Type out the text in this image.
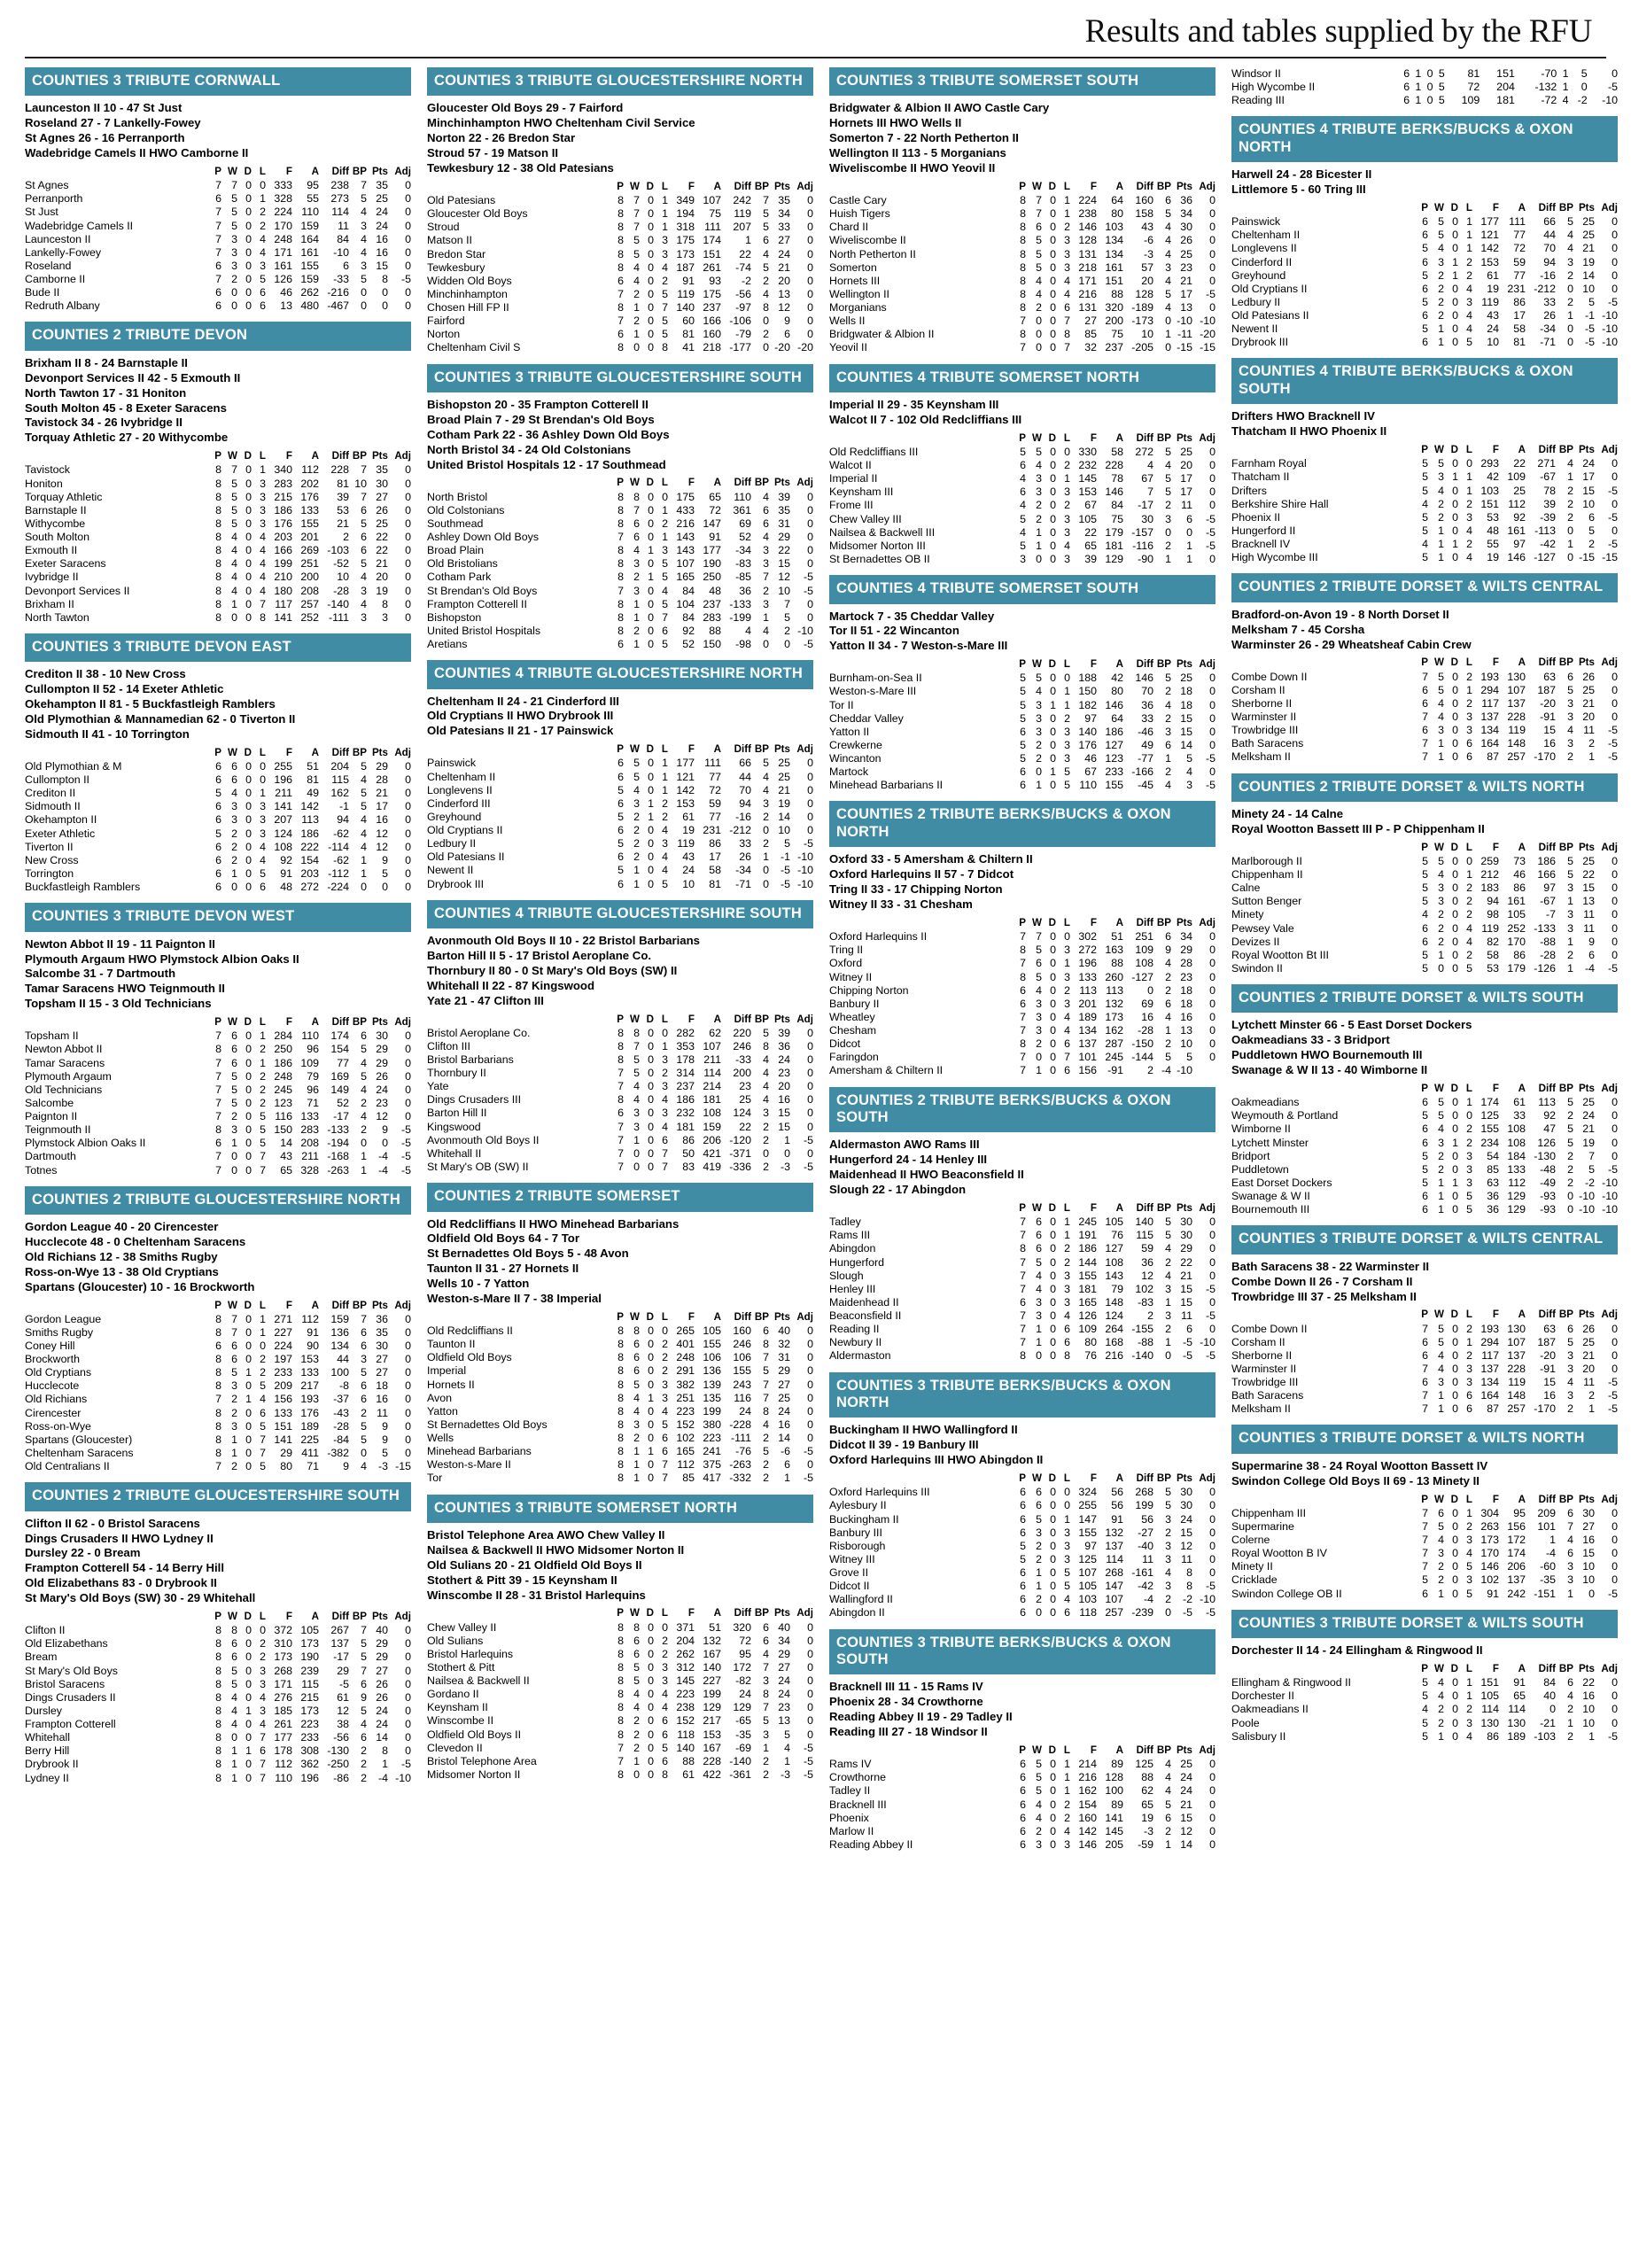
Results and tables supplied by the RFU
COUNTIES 3 TRIBUTE CORNWALL
Launceston II 10 - 47 St Just
Roseland 27 - 7 Lankelly-Fowey
St Agnes 26 - 16 Perranporth
Wadebridge Camels II HWO Camborne II
	P	W	D	L	F	A	Diff	BP	Pts	Adj
St Agnes	7	7	0	0	333	95	238	7	35	0
Perranporth	6	5	0	1	328	55	273	5	25	0
St Just	7	5	0	2	224	110	114	4	24	0
Wadebridge Camels II	7	5	0	2	170	159	11	3	24	0
Launceston II	7	3	0	4	248	164	84	4	16	0
Lankelly-Fowey	7	3	0	4	171	161	-10	4	16	0
Roseland	6	3	0	3	161	155	6	3	15	0
Camborne II	7	2	0	5	126	159	-33	5	8	-5
Bude II	6	0	0	6	46	262	-216	0	0	0
Redruth Albany	6	0	0	6	13	480	-467	0	0	0
COUNTIES 2 TRIBUTE DEVON
Brixham II 8 - 24 Barnstaple II
Devonport Services II 42 - 5 Exmouth II
North Tawton 17 - 31 Honiton
South Molton 45 - 8 Exeter Saracens
Tavistock 34 - 26 Ivybridge II
Torquay Athletic 27 - 20 Withycombe
	P	W	D	L	F	A	Diff	BP	Pts	Adj
Tavistock	8	7	0	1	340	112	228	7	35	0
Honiton	8	5	0	3	283	202	81	10	30	0
Torquay Athletic	8	5	0	3	215	176	39	7	27	0
Barnstaple II	8	5	0	3	186	133	53	6	26	0
Withycombe	8	5	0	3	176	155	21	5	25	0
South Molton	8	4	0	4	203	201	2	6	22	0
Exmouth II	8	4	0	4	166	269	-103	6	22	0
Exeter Saracens	8	4	0	4	199	251	-52	5	21	0
Ivybridge II	8	4	0	4	210	200	10	4	20	0
Devonport Services II	8	4	0	4	180	208	-28	3	19	0
Brixham II	8	1	0	7	117	257	-140	4	8	0
North Tawton	8	0	0	8	141	252	-111	3	3	0
COUNTIES 3 TRIBUTE DEVON EAST
Crediton II 38 - 10 New Cross
Cullompton II 52 - 14 Exeter Athletic
Okehampton II 81 - 5 Buckfastleigh Ramblers
Old Plymothian & Mannamedian 62 - 0 Tiverton II
Sidmouth II 41 - 10 Torrington
	P	W	D	L	F	A	Diff	BP	Pts	Adj
Old Plymothian & M	6	6	0	0	255	51	204	5	29	0
Cullompton II	6	6	0	0	196	81	115	4	28	0
Crediton II	5	4	0	1	211	49	162	5	21	0
Sidmouth II	6	3	0	3	141	142	-1	5	17	0
Okehampton II	6	3	0	3	207	113	94	4	16	0
Exeter Athletic	5	2	0	3	124	186	-62	4	12	0
Tiverton II	6	2	0	4	108	222	-114	4	12	0
New Cross	6	2	0	4	92	154	-62	1	9	0
Torrington	6	1	0	5	91	203	-112	1	5	0
Buckfastleigh Ramblers	6	0	0	6	48	272	-224	0	0	0
COUNTIES 3 TRIBUTE DEVON WEST
Newton Abbot II 19 - 11 Paignton II
Plymouth Argaum HWO Plymstock Albion Oaks II
Salcombe 31 - 7 Dartmouth
Tamar Saracens HWO Teignmouth II
Topsham II 15 - 3 Old Technicians
	P	W	D	L	F	A	Diff	BP	Pts	Adj
Topsham II	7	6	0	1	284	110	174	6	30	0
Newton Abbot II	8	6	0	2	250	96	154	5	29	0
Tamar Saracens	7	6	0	1	186	109	77	4	29	0
Plymouth Argaum	7	5	0	2	248	79	169	5	26	0
Old Technicians	7	5	0	2	245	96	149	4	24	0
Salcombe	7	5	0	2	123	71	52	2	23	0
Paignton II	7	2	0	5	116	133	-17	4	12	0
Teignmouth II	8	3	0	5	150	283	-133	2	9	-5
Plymstock Albion Oaks II	6	1	0	5	14	208	-194	0	0	-5
Dartmouth	7	0	0	7	43	211	-168	1	-4	-5
Totnes	7	0	0	7	65	328	-263	1	-4	-5
COUNTIES 2 TRIBUTE GLOUCESTERSHIRE NORTH
Gordon League 40 - 20 Cirencester
Hucclecote 48 - 0 Cheltenham Saracens
Old Richians 12 - 38 Smiths Rugby
Ross-on-Wye 13 - 38 Old Cryptians
Spartans (Gloucester) 10 - 16 Brockworth
	P	W	D	L	F	A	Diff	BP	Pts	Adj
Gordon League	8	7	0	1	271	112	159	7	36	0
Smiths Rugby	8	7	0	1	227	91	136	6	35	0
Coney Hill	6	6	0	0	224	90	134	6	30	0
Brockworth	8	6	0	2	197	153	44	3	27	0
Old Cryptians	8	5	1	2	233	133	100	5	27	0
Hucclecote	8	3	0	5	209	217	-8	6	18	0
Old Richians	7	2	1	4	156	193	-37	6	16	0
Cirencester	8	2	0	6	133	176	-43	2	11	0
Ross-on-Wye	8	3	0	5	151	189	-28	5	9	0
Spartans (Gloucester)	8	1	0	7	141	225	-84	5	9	0
Cheltenham Saracens	8	1	0	7	29	411	-382	0	5	0
Old Centralians II	7	2	0	5	80	71	9	4	-3	-15
COUNTIES 2 TRIBUTE GLOUCESTERSHIRE SOUTH
Clifton II 62 - 0 Bristol Saracens
Dings Crusaders II HWO Lydney II
Dursley 22 - 0 Bream
Frampton Cotterell 54 - 14 Berry Hill
Old Elizabethans 83 - 0 Drybrook II
St Mary's Old Boys (SW) 30 - 29 Whitehall
	P	W	D	L	F	A	Diff	BP	Pts	Adj
Clifton II	8	8	0	0	372	105	267	7	40	0
Old Elizabethans	8	6	0	2	310	173	137	5	29	0
Bream	8	6	0	2	173	190	-17	5	29	0
St Mary's Old Boys	8	5	0	3	268	239	29	7	27	0
Bristol Saracens	8	5	0	3	171	115	-5	6	26	0
Dings Crusaders II	8	4	0	4	276	215	61	9	26	0
Dursley	8	4	1	3	185	173	12	5	24	0
Frampton Cotterell	8	4	0	4	261	223	38	4	24	0
Whitehall	8	0	0	7	177	233	-56	6	14	0
Berry Hill	8	1	1	6	178	308	-130	2	8	0
Drybrook II	8	1	0	7	112	362	-250	2	1	-5
Lydney II	8	1	0	7	110	196	-86	2	-4	-10
COUNTIES 3 TRIBUTE GLOUCESTERSHIRE NORTH
Gloucester Old Boys 29 - 7 Fairford
Minchinhampton HWO Cheltenham Civil Service
Norton 22 - 26 Bredon Star
Stroud 57 - 19 Matson II
Tewkesbury 12 - 38 Old Patesians
	P	W	D	L	F	A	Diff	BP	Pts	Adj
Old Patesians	8	7	0	1	349	107	242	7	35	0
Gloucester Old Boys	8	7	0	1	194	75	119	5	34	0
Stroud	8	7	0	1	318	111	207	5	33	0
Matson II	8	5	0	3	175	174	1	6	27	0
Bredon Star	8	5	0	3	173	151	22	4	24	0
Tewkesbury	8	4	0	4	187	261	-74	5	21	0
Widden Old Boys	6	4	0	2	91	93	-2	2	20	0
Minchinhampton	7	2	0	5	119	175	-56	4	13	0
Chosen Hill FP II	8	1	0	7	140	237	-97	8	12	0
Fairford	7	2	0	5	60	166	-106	0	9	0
Norton	6	1	0	5	81	160	-79	2	6	0
Cheltenham Civil S	8	0	0	8	41	218	-177	0	-20	-20
COUNTIES 3 TRIBUTE GLOUCESTERSHIRE SOUTH
Bishopston 20 - 35 Frampton Cotterell II
Broad Plain 7 - 29 St Brendan's Old Boys
Cotham Park 22 - 36 Ashley Down Old Boys
North Bristol 34 - 24 Old Colstonians
United Bristol Hospitals 12 - 17 Southmead
	P	W	D	L	F	A	Diff	BP	Pts	Adj
North Bristol	8	8	0	0	175	65	110	4	39	0
Old Colstonians	8	7	0	1	433	72	361	6	35	0
Southmead	8	6	0	2	216	147	69	6	31	0
Ashley Down Old Boys	7	6	0	1	143	91	52	4	29	0
Broad Plain	8	4	1	3	143	177	-34	3	22	0
Old Bristolians	8	3	0	5	107	190	-83	3	15	0
Cotham Park	8	2	1	5	165	250	-85	7	12	-5
St Brendan's Old Boys	7	3	0	4	84	48	36	2	10	-5
Frampton Cotterell II	8	1	0	5	104	237	-133	3	7	0
Bishopston	8	1	0	7	84	283	-199	1	5	0
United Bristol Hospitals	8	2	0	6	92	88	4	4	2	-10
Aretians	6	1	0	5	52	150	-98	0	0	-5
COUNTIES 4 TRIBUTE GLOUCESTERSHIRE NORTH
Cheltenham II 24 - 21 Cinderford III
Old Cryptians II HWO Drybrook III
Old Patesians II 21 - 17 Painswick
	P	W	D	L	F	A	Diff	BP	Pts	Adj
Painswick	6	5	0	1	177	111	66	5	25	0
Cheltenham II	6	5	0	1	121	77	44	4	25	0
Longlevens II	5	4	0	1	142	72	70	4	21	0
Cinderford III	6	3	1	2	153	59	94	3	19	0
Greyhound	5	2	1	2	61	77	-16	2	14	0
Old Cryptians II	6	2	0	4	19	231	-212	0	10	0
Ledbury II	5	2	0	3	119	86	33	2	5	-5
Old Patesians II	6	2	0	4	43	17	26	1	-1	-10
Newent II	5	1	0	4	24	58	-34	0	-5	-10
Drybrook III	6	1	0	5	10	81	-71	0	-5	-10
COUNTIES 4 TRIBUTE GLOUCESTERSHIRE SOUTH
Avonmouth Old Boys II 10 - 22 Bristol Barbarians
Barton Hill II 5 - 17 Bristol Aeroplane Co.
Thornbury II 80 - 0 St Mary's Old Boys (SW) II
Whitehall II 22 - 87 Kingswood
Yate 21 - 47 Clifton III
	P	W	D	L	F	A	Diff	BP	Pts	Adj
Bristol Aeroplane Co.	8	8	0	0	282	62	220	5	39	0
Clifton III	8	7	0	1	353	107	246	8	36	0
Bristol Barbarians	8	5	0	3	178	211	-33	4	24	0
Thornbury II	7	5	0	2	314	114	200	4	23	0
Yate	7	4	0	3	237	214	23	4	20	0
Dings Crusaders III	8	4	0	4	186	181	25	4	16	0
Barton Hill II	6	3	0	3	232	108	124	3	15	0
Kingswood	7	3	0	4	181	159	22	2	15	0
Avonmouth Old Boys II	7	1	0	6	86	206	-120	2	1	-5
Whitehall II	7	0	0	7	50	421	-371	0	0	0
St Mary's OB (SW) II	7	0	0	7	83	419	-336	2	-3	-5
COUNTIES 2 TRIBUTE SOMERSET
Old Redcliffians II HWO Minehead Barbarians
Oldfield Old Boys 64 - 7 Tor
St Bernadettes Old Boys 5 - 48 Avon
Taunton II 31 - 27 Hornets II
Wells 10 - 7 Yatton
Weston-s-Mare II 7 - 38 Imperial
	P	W	D	L	F	A	Diff	BP	Pts	Adj
Old Redcliffians II	8	8	0	0	265	105	160	6	40	0
Taunton II	8	6	0	2	401	155	246	8	32	0
Oldfield Old Boys	8	6	0	2	248	106	106	7	31	0
Imperial	8	6	0	2	291	136	155	5	29	0
Hornets II	8	5	0	3	382	139	243	7	27	0
Avon	8	4	1	3	251	135	116	7	25	0
Yatton	8	4	0	4	223	199	24	8	24	0
St Bernadettes Old Boys	8	3	0	5	152	380	-228	4	16	0
Wells	8	2	0	6	102	223	-111	2	14	0
Minehead Barbarians	8	1	1	6	165	241	-76	5	-6	-5
Weston-s-Mare II	8	1	0	7	112	375	-263	2	6	0
Tor	8	1	0	7	85	417	-332	2	1	-5
COUNTIES 3 TRIBUTE SOMERSET NORTH
Bristol Telephone Area AWO Chew Valley II
Nailsea & Backwell II HWO Midsomer Norton II
Old Sulians 20 - 21 Oldfield Old Boys II
Stothert & Pitt 39 - 15 Keynsham II
Winscombe II 28 - 31 Bristol Harlequins
	P	W	D	L	F	A	Diff	BP	Pts	Adj
Chew Valley II	8	8	0	0	371	51	320	6	40	0
Old Sulians	8	6	0	2	204	132	72	6	34	0
Bristol Harlequins	8	6	0	2	262	167	95	4	29	0
Stothert & Pitt	8	5	0	3	312	140	172	7	27	0
Nailsea & Backwell II	8	5	0	3	145	227	-82	3	24	0
Gordano II	8	4	0	4	223	199	24	8	24	0
Keynsham II	8	4	0	4	238	129	129	7	23	0
Winscombe II	8	2	0	6	152	217	-65	5	13	0
Oldfield Old Boys II	8	2	0	6	118	153	-35	3	5	0
Clevedon II	7	2	0	5	140	167	-69	1	4	-5
Bristol Telephone Area	7	1	0	6	88	228	-140	2	1	-5
Midsomer Norton II	8	0	0	8	61	422	-361	2	-3	-5
COUNTIES 3 TRIBUTE SOMERSET SOUTH
Bridgwater & Albion II AWO Castle Cary
Hornets III HWO Wells II
Somerton 7 - 22 North Petherton II
Wellington II 113 - 5 Morganians
Wiveliscombe II HWO Yeovil II
	P	W	D	L	F	A	Diff	BP	Pts	Adj
Castle Cary	8	7	0	1	224	64	160	6	36	0
Huish Tigers	8	7	0	1	238	80	158	5	34	0
Chard II	8	6	0	2	146	103	43	4	30	0
Wiveliscombe II	8	5	0	3	128	134	-6	4	26	0
North Petherton II	8	5	0	3	131	134	-3	4	25	0
Somerton	8	5	0	3	218	161	57	3	23	0
Hornets III	8	4	0	4	171	151	20	4	21	0
Wellington II	8	4	0	4	216	88	128	5	17	-5
Morganians	8	2	0	6	131	320	-189	4	13	0
Wells II	7	0	0	7	27	200	-173	0	-10	-10
Bridgwater & Albion II	8	0	0	8	85	75	10	1	-11	-20
Yeovil II	7	0	0	7	32	237	-205	0	-15	-15
COUNTIES 4 TRIBUTE SOMERSET NORTH
Imperial II 29 - 35 Keynsham III
Walcot II 7 - 102 Old Redcliffians III
	P	W	D	L	F	A	Diff	BP	Pts	Adj
Old Redcliffians III	5	5	0	0	330	58	272	5	25	0
Walcot II	6	4	0	2	232	228	4	4	20	0
Imperial II	4	3	0	1	145	78	67	5	17	0
Keynsham III	6	3	0	3	153	146	7	5	17	0
Frome III	4	2	0	2	67	84	-17	2	11	0
Chew Valley III	5	2	0	3	105	75	30	3	6	-5
Nailsea & Backwell III	4	1	0	3	22	179	-157	0	0	-5
Midsomer Norton III	5	1	0	4	65	181	-116	2	1	-5
St Bernadettes OB II	3	0	0	3	39	129	-90	1	1	0
COUNTIES 4 TRIBUTE SOMERSET SOUTH
Martock 7 - 35 Cheddar Valley
Tor II 51 - 22 Wincanton
Yatton II 34 - 7 Weston-s-Mare III
	P	W	D	L	F	A	Diff	BP	Pts	Adj
Burnham-on-Sea II	5	5	0	0	188	42	146	5	25	0
Weston-s-Mare III	5	4	0	1	150	80	70	2	18	0
Tor II	5	3	1	1	182	146	36	4	18	0
Cheddar Valley	5	3	0	2	97	64	33	2	15	0
Yatton II	6	3	0	3	140	186	-46	3	15	0
Crewkerne	5	2	0	3	176	127	49	6	14	0
Wincanton	5	2	0	3	46	123	-77	1	5	-5
Martock	6	0	1	5	67	233	-166	2	4	0
Minehead Barbarians II	6	1	0	5	110	155	-45	4	3	-5
COUNTIES 2 TRIBUTE BERKS/BUCKS & OXON NORTH
Oxford 33 - 5 Amersham & Chiltern II
Oxford Harlequins II 57 - 7 Didcot
Tring II 33 - 17 Chipping Norton
Witney II 33 - 31 Chesham
	P	W	D	L	F	A	Diff	BP	Pts	Adj
Oxford Harlequins II	7	7	0	0	302	51	251	6	34	0
Tring II	8	5	0	3	272	163	109	9	29	0
Oxford	7	6	0	1	196	88	108	4	28	0
Witney II	8	5	0	3	133	260	-127	2	23	0
Chipping Norton	6	4	0	2	113	113	0	2	18	0
Banbury II	6	3	0	3	201	132	69	6	18	0
Wheatley	7	3	0	4	189	173	16	4	16	0
Chesham	7	3	0	4	134	162	-28	1	13	0
Didcot	8	2	0	6	137	287	-150	2	10	0
Faringdon	7	0	0	7	101	245	-144	5	5	0
Amersham & Chiltern II	7	1	0	6	156	-91	2	-4	-10	
COUNTIES 2 TRIBUTE BERKS/BUCKS & OXON SOUTH
Aldermaston AWO Rams III
Hungerford 24 - 14 Henley III
Maidenhead II HWO Beaconsfield II
Slough 22 - 17 Abingdon
	P	W	D	L	F	A	Diff	BP	Pts	Adj
Tadley	7	6	0	1	245	105	140	5	30	0
Rams III	7	6	0	1	191	76	115	5	30	0
Abingdon	8	6	0	2	186	127	59	4	29	0
Hungerford	7	5	0	2	144	108	36	2	22	0
Slough	7	4	0	3	155	143	12	4	21	0
Henley III	7	4	0	3	181	79	102	3	15	-5
Maidenhead II	6	3	0	3	165	148	-83	1	15	0
Beaconsfield II	7	3	0	4	126	124	2	3	11	-5
Reading II	7	1	0	6	109	264	-155	2	6	0
Newbury II	7	1	0	6	80	168	-88	1	-5	-10
Aldermaston	8	0	0	8	76	216	-140	0	-5	-5
COUNTIES 3 TRIBUTE BERKS/BUCKS & OXON NORTH
Buckingham II HWO Wallingford II
Didcot II 39 - 19 Banbury III
Oxford Harlequins III HWO Abingdon II
	P	W	D	L	F	A	Diff	BP	Pts	Adj
Oxford Harlequins III	6	6	0	0	324	56	268	5	30	0
Aylesbury II	6	6	0	0	255	56	199	5	30	0
Buckingham II	6	5	0	1	147	91	56	3	24	0
Banbury III	6	3	0	3	155	132	-27	2	15	0
Risborough	5	2	0	3	97	137	-40	3	12	0
Witney III	5	2	0	3	125	114	11	3	11	0
Grove II	6	1	0	5	107	268	-161	4	8	0
Didcot II	6	1	0	5	105	147	-42	3	8	-5
Wallingford II	6	2	0	4	103	107	-4	2	-2	-10
Abingdon II	6	0	0	6	118	257	-239	0	-5	-5
COUNTIES 3 TRIBUTE BERKS/BUCKS & OXON SOUTH
Bracknell III 11 - 15 Rams IV
Phoenix 28 - 34 Crowthorne
Reading Abbey II 19 - 29 Tadley II
Reading III 27 - 18 Windsor II
	P	W	D	L	F	A	Diff	BP	Pts	Adj
Rams IV	6	5	0	1	214	89	125	4	25	0
Crowthorne	6	5	0	1	216	128	88	4	24	0
Tadley II	6	5	0	1	162	100	62	4	24	0
Bracknell III	6	4	0	2	154	89	65	5	21	0
Phoenix	6	4	0	2	160	141	19	6	15	0
Marlow II	6	2	0	4	142	145	-3	2	12	0
Reading Abbey II	6	3	0	3	146	205	-59	1	14	0
Windsor II	6	1	0	5	81	151	-70	1	5	0
High Wycombe II	6	1	0	5	72	204	-132	1	0	-5
Reading III	6	1	0	5	109	181	-72	4	-2	-10
COUNTIES 4 TRIBUTE BERKS/BUCKS & OXON NORTH
Harwell 24 - 28 Bicester II
Littlemore 5 - 60 Tring III
	P	W	D	L	F	A	Diff	BP	Pts	Adj
Painswick	6	5	0	1	177	111	66	5	25	0
Cheltenham II	6	5	0	1	121	77	44	4	25	0
Longlevens II	5	4	0	1	142	72	70	4	21	0
Cinderford II	6	3	1	2	153	59	94	3	19	0
Greyhound	5	2	1	2	61	77	-16	2	14	0
Old Cryptians II	6	2	0	4	19	231	-212	0	10	0
Ledbury II	5	2	0	3	119	86	33	2	5	-5
Old Patesians II	6	2	0	4	43	17	26	1	-1	-10
Newent II	5	1	0	4	24	58	-34	0	-5	-10
Drybrook III	6	1	0	5	10	81	-71	0	-5	-10
COUNTIES 4 TRIBUTE BERKS/BUCKS & OXON SOUTH
Drifters HWO Bracknell IV
Thatcham II HWO Phoenix II
	P	W	D	L	F	A	Diff	BP	Pts	Adj
Farnham Royal	5	5	0	0	293	22	271	4	24	0
Thatcham II	5	3	1	1	42	109	-67	1	17	0
Drifters	5	4	0	1	103	25	78	2	15	-5
Berkshire Shire Hall	4	2	0	2	151	112	39	2	10	0
Phoenix II	5	2	0	3	53	92	-39	2	6	-5
Hungerford II	5	1	0	4	48	161	-113	0	5	0
Bracknell IV	4	1	1	2	55	97	-42	1	2	-5
High Wycombe III	5	1	0	4	19	146	-127	0	-15	-15
COUNTIES 2 TRIBUTE DORSET & WILTS CENTRAL
Bradford-on-Avon 19 - 8 North Dorset II
Melksham 7 - 45 Corsha
Warminster 26 - 29 Wheatsheaf Cabin Crew
	P	W	D	L	F	A	Diff	BP	Pts	Adj
Combe Down II	7	5	0	2	193	130	63	6	26	0
Corsham II	6	5	0	1	294	107	187	5	25	0
Sherborne II	6	4	0	2	117	137	-20	3	21	0
Warminster II	7	4	0	3	137	228	-91	3	20	0
Trowbridge III	6	3	0	3	134	119	15	4	11	-5
Bath Saracens	7	1	0	6	164	148	16	3	2	-5
Melksham II	7	1	0	6	87	257	-170	2	1	-5
COUNTIES 2 TRIBUTE DORSET & WILTS NORTH
Minety 24 - 14 Calne
Royal Wootton Bassett III P - P Chippenham II
	P	W	D	L	F	A	Diff	BP	Pts	Adj
Marlborough II	5	5	0	0	259	73	186	5	25	0
Chippenham II	5	4	0	1	212	46	166	5	22	0
Calne	5	3	0	2	183	86	97	3	15	0
Sutton Benger	5	3	0	2	94	161	-67	1	13	0
Minety	4	2	0	2	98	105	-7	3	11	0
Pewsey Vale	6	2	0	4	119	252	-133	3	11	0
Devizes II	6	2	0	4	82	170	-88	1	9	0
Royal Wootton Bt III	5	1	0	2	58	86	-28	2	6	0
Swindon II	5	0	0	5	53	179	-126	1	-4	-5
COUNTIES 2 TRIBUTE DORSET & WILTS SOUTH
Lytchett Minster 66 - 5 East Dorset Dockers
Oakmeadians 33 - 3 Bridport
Puddletown HWO Bournemouth III
Swanage & W II 13 - 40 Wimborne II
	P	W	D	L	F	A	Diff	BP	Pts	Adj
Oakmeadians	6	5	0	1	174	61	113	5	25	0
Weymouth & Portland	5	5	0	0	125	33	92	2	24	0
Wimborne II	6	4	0	2	155	108	47	5	21	0
Lytchett Minster	6	3	1	2	234	108	126	5	19	0
Bridport	5	2	0	3	54	184	-130	2	7	0
Puddletown	5	2	0	3	85	133	-48	2	5	-5
East Dorset Dockers	5	1	1	3	63	112	-49	2	-2	-10
Swanage & W II	6	1	0	5	36	129	-93	0	-10	-10
Bournemouth III	6	1	0	5	36	129	-93	0	-10	-10
COUNTIES 3 TRIBUTE DORSET & WILTS CENTRAL
Bath Saracens 38 - 22 Warminster II
Combe Down II 26 - 7 Corsham II
Trowbridge III 37 - 25 Melksham II
	P	W	D	L	F	A	Diff	BP	Pts	Adj
Combe Down II	7	5	0	2	193	130	63	6	26	0
Corsham II	6	5	0	1	294	107	187	5	25	0
Sherborne II	6	4	0	2	117	137	-20	3	21	0
Warminster II	7	4	0	3	137	228	-91	3	20	0
Trowbridge III	6	3	0	3	134	119	15	4	11	-5
Bath Saracens	7	1	0	6	164	148	16	3	2	-5
Melksham II	7	1	0	6	87	257	-170	2	1	-5
COUNTIES 3 TRIBUTE DORSET & WILTS NORTH
Supermarine 38 - 24 Royal Wootton Bassett IV
Swindon College Old Boys II 69 - 13 Minety II
	P	W	D	L	F	A	Diff	BP	Pts	Adj
Chippenham III	7	6	0	1	304	95	209	6	30	0
Supermarine	7	5	0	2	263	156	101	7	27	0
Colerne	7	4	0	3	173	172	1	4	16	0
Royal Wootton B IV	7	3	0	4	170	174	-4	6	15	0
Minety II	7	2	0	5	146	206	-60	3	10	0
Cricklade	5	2	0	3	102	137	-35	3	10	0
Swindon College OB II	6	1	0	5	91	242	-151	1	0	-5
COUNTIES 3 TRIBUTE DORSET & WILTS SOUTH
Dorchester II 14 - 24 Ellingham & Ringwood II
	P	W	D	L	F	A	Diff	BP	Pts	Adj
Ellingham & Ringwood II	5	4	0	1	151	91	84	6	22	0
Dorchester II	5	4	0	1	105	65	40	4	16	0
Oakmeadians II	4	2	0	2	114	114	0	2	10	0
Poole	5	2	0	3	130	130	-21	1	10	0
Salisbury II	5	1	0	4	86	189	-103	2	1	-5
